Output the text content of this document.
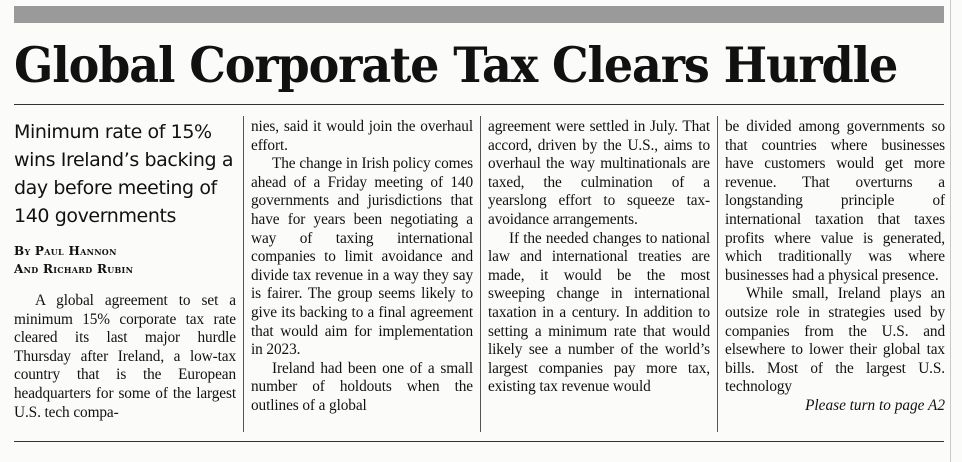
Global Corporate Tax Clears Hurdle

Minimum rate of 15% wins Ireland’s backing a day before meeting of 140 governments

By Paul Hannon
And Richard Rubin

A global agreement to set a minimum 15% corporate tax rate cleared its last major hurdle Thursday after Ireland, a low-tax country that is the European headquarters for some of the largest U.S. tech compa-

nies, said it would join the overhaul effort.

The change in Irish policy comes ahead of a Friday meeting of 140 governments and jurisdictions that have for years been negotiating a way of taxing international companies to limit avoidance and divide tax revenue in a way they say is fairer. The group seems likely to give its backing to a final agreement that would aim for implementation in 2023.

Ireland had been one of a small number of holdouts when the outlines of a global

agreement were settled in July. That accord, driven by the U.S., aims to overhaul the way multinationals are taxed, the culmination of a yearslong effort to squeeze tax-avoidance arrangements.

If the needed changes to national law and international treaties are made, it would be the most sweeping change in international taxation in a century. In addition to setting a minimum rate that would likely see a number of the world’s largest companies pay more tax, existing tax revenue would

be divided among governments so that countries where businesses have customers would get more revenue. That overturns a longstanding principle of international taxation that taxes profits where value is generated, which traditionally was where businesses had a physical presence.

While small, Ireland plays an outsize role in strategies used by companies from the U.S. and elsewhere to lower their global tax bills. Most of the largest U.S. technology

Please turn to page A2
